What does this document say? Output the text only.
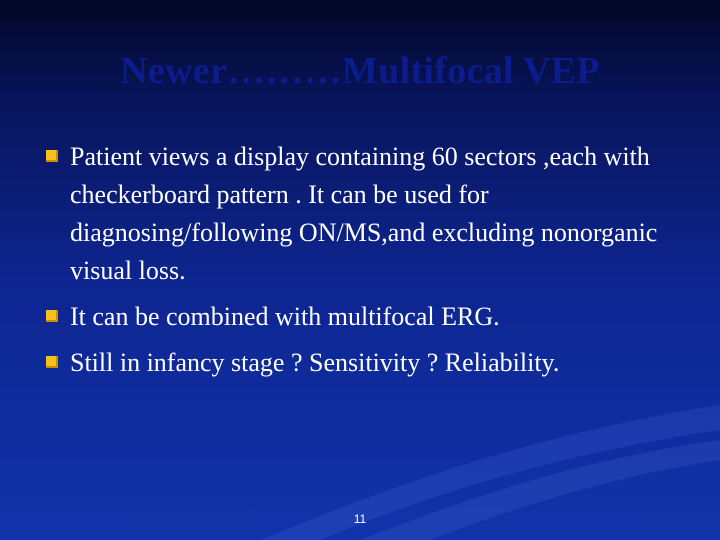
Newer………Multifocal VEP
Patient views a display containing 60 sectors ,each with checkerboard pattern . It can be used for diagnosing/following ON/MS,and excluding nonorganic visual loss.
It can be combined with multifocal ERG.
Still in infancy stage ? Sensitivity ? Reliability.
11
